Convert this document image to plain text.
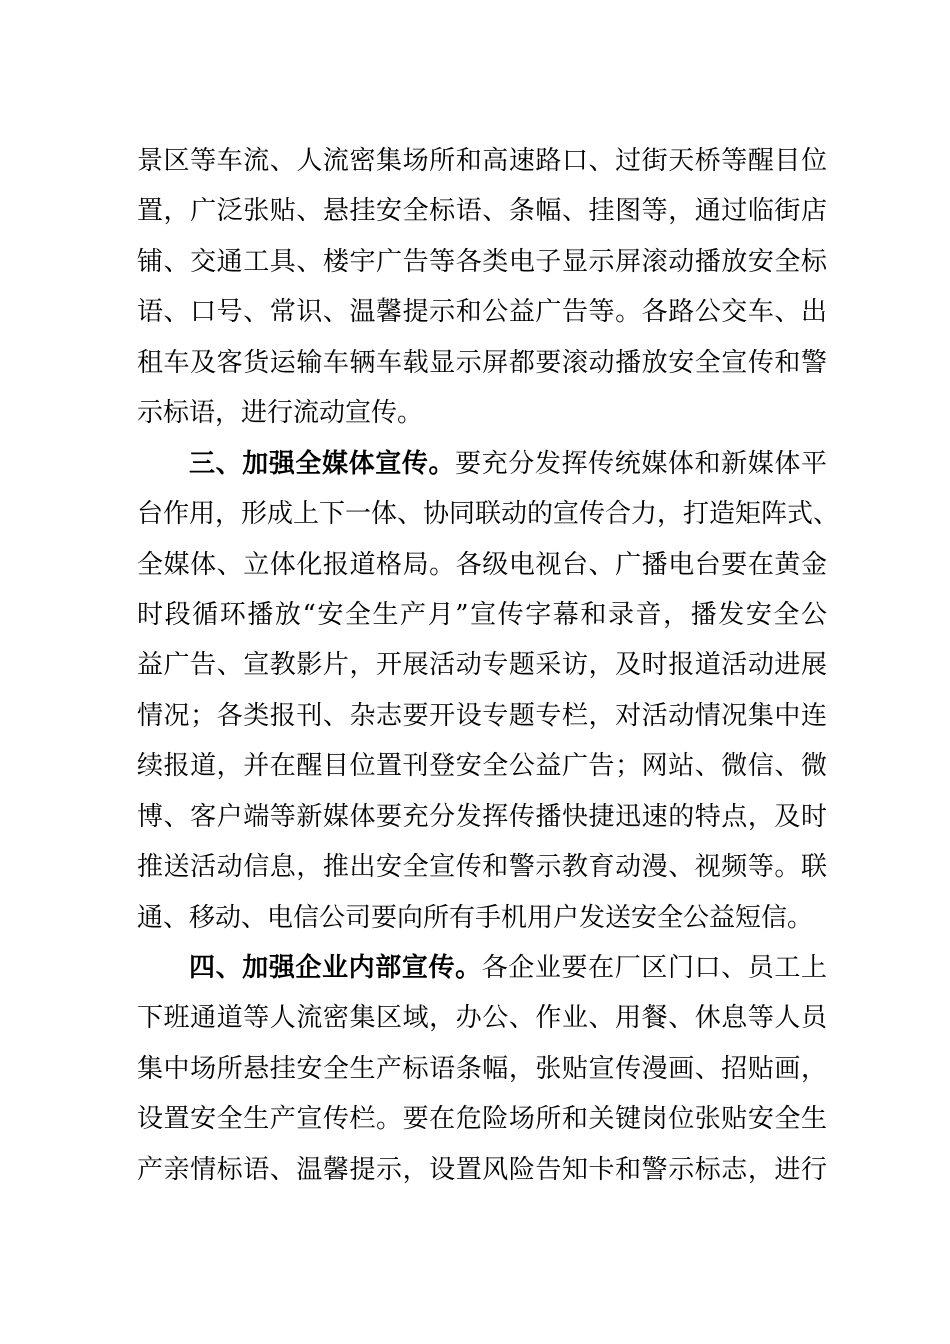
景区等车流、人流密集场所和高速路口、过街天桥等醒目位
置，广泛张贴、悬挂安全标语、条幅、挂图等，通过临街店
铺、交通工具、楼宇广告等各类电子显示屏滚动播放安全标
语、口号、常识、温馨提示和公益广告等。各路公交车、出
租车及客货运输车辆车载显示屏都要滚动播放安全宣传和警
示标语，进行流动宣传。
三、加强全媒体宣传。要充分发挥传统媒体和新媒体平
台作用，形成上下一体、协同联动的宣传合力，打造矩阵式、
全媒体、立体化报道格局。各级电视台、广播电台要在黄金
时段循环播放“安全生产月”宣传字幕和录音，播发安全公
益广告、宣教影片，开展活动专题采访，及时报道活动进展
情况；各类报刊、杂志要开设专题专栏，对活动情况集中连
续报道，并在醒目位置刊登安全公益广告；网站、微信、微
博、客户端等新媒体要充分发挥传播快捷迅速的特点，及时
推送活动信息，推出安全宣传和警示教育动漫、视频等。联
通、移动、电信公司要向所有手机用户发送安全公益短信。
四、加强企业内部宣传。各企业要在厂区门口、员工上
下班通道等人流密集区域，办公、作业、用餐、休息等人员
集中场所悬挂安全生产标语条幅，张贴宣传漫画、招贴画，
设置安全生产宣传栏。要在危险场所和关键岗位张贴安全生
产亲情标语、温馨提示，设置风险告知卡和警示标志，进行
